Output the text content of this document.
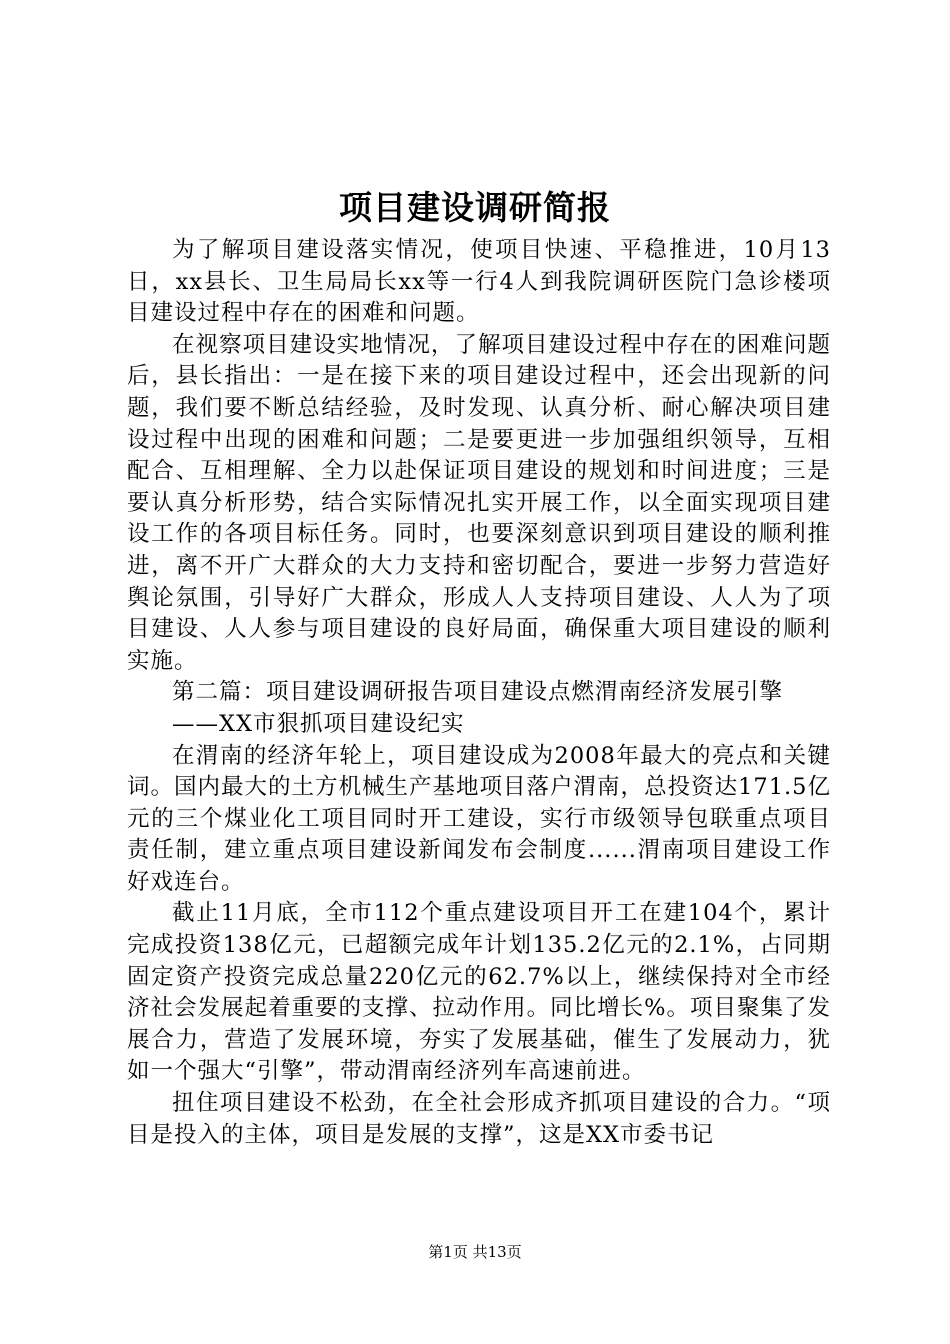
项目建设调研简报

为了解项目建设落实情况，使项目快速、平稳推进，10月13日，xx县长、卫生局局长xx等一行4人到我院调研医院门急诊楼项目建设过程中存在的困难和问题。

在视察项目建设实地情况，了解项目建设过程中存在的困难问题后，县长指出：一是在接下来的项目建设过程中，还会出现新的问题，我们要不断总结经验，及时发现、认真分析、耐心解决项目建设过程中出现的困难和问题；二是要更进一步加强组织领导，互相配合、互相理解、全力以赴保证项目建设的规划和时间进度；三是要认真分析形势，结合实际情况扎实开展工作，以全面实现项目建设工作的各项目标任务。同时，也要深刻意识到项目建设的顺利推进，离不开广大群众的大力支持和密切配合，要进一步努力营造好舆论氛围，引导好广大群众，形成人人支持项目建设、人人为了项目建设、人人参与项目建设的良好局面，确保重大项目建设的顺利实施。

第二篇：项目建设调研报告项目建设点燃渭南经济发展引擎

——XX市狠抓项目建设纪实

在渭南的经济年轮上，项目建设成为2008年最大的亮点和关键词。国内最大的土方机械生产基地项目落户渭南，总投资达171.5亿元的三个煤业化工项目同时开工建设，实行市级领导包联重点项目责任制，建立重点项目建设新闻发布会制度......渭南项目建设工作好戏连台。

截止11月底，全市112个重点建设项目开工在建104个，累计完成投资138亿元，已超额完成年计划135.2亿元的2.1%，占同期固定资产投资完成总量220亿元的62.7%以上，继续保持对全市经济社会发展起着重要的支撑、拉动作用。同比增长%。项目聚集了发展合力，营造了发展环境，夯实了发展基础，催生了发展动力，犹如一个强大“引擎”，带动渭南经济列车高速前进。

扭住项目建设不松劲，在全社会形成齐抓项目建设的合力。“项目是投入的主体，项目是发展的支撑”，这是XX市委书记

第1页 共13页
